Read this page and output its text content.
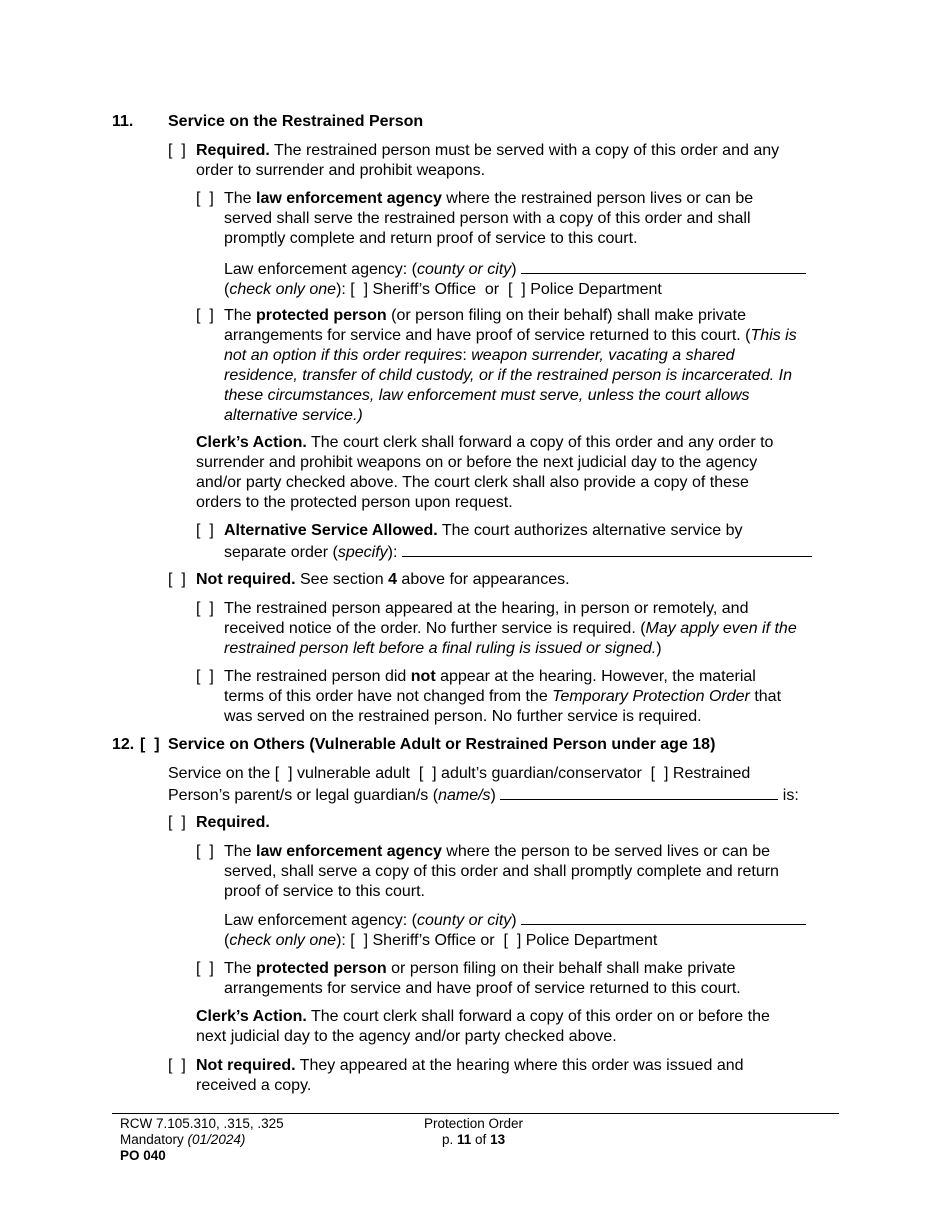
11. Service on the Restrained Person
[  ] Required. The restrained person must be served with a copy of this order and any
order to surrender and prohibit weapons.
[  ] The law enforcement agency where the restrained person lives or can be
served shall serve the restrained person with a copy of this order and shall
promptly complete and return proof of service to this court.
Law enforcement agency: (county or city)
(check only one): [  ] Sheriff’s Office  or  [  ] Police Department
[  ] The protected person (or person filing on their behalf) shall make private
arrangements for service and have proof of service returned to this court. (This is
not an option if this order requires: weapon surrender, vacating a shared
residence, transfer of child custody, or if the restrained person is incarcerated. In
these circumstances, law enforcement must serve, unless the court allows
alternative service.)
Clerk’s Action. The court clerk shall forward a copy of this order and any order to
surrender and prohibit weapons on or before the next judicial day to the agency
and/or party checked above. The court clerk shall also provide a copy of these
orders to the protected person upon request.
[  ] Alternative Service Allowed. The court authorizes alternative service by
separate order (specify):
[  ] Not required. See section 4 above for appearances.
[  ] The restrained person appeared at the hearing, in person or remotely, and
received notice of the order. No further service is required. (May apply even if the
restrained person left before a final ruling is issued or signed.)
[  ] The restrained person did not appear at the hearing. However, the material
terms of this order have not changed from the Temporary Protection Order that
was served on the restrained person. No further service is required.
12. [  ] Service on Others (Vulnerable Adult or Restrained Person under age 18)
Service on the [  ] vulnerable adult  [  ] adult’s guardian/conservator  [  ] Restrained
Person’s parent/s or legal guardian/s (name/s)	is:
[  ] Required.
[  ] The law enforcement agency where the person to be served lives or can be
served, shall serve a copy of this order and shall promptly complete and return
proof of service to this court.
Law enforcement agency: (county or city)
(check only one): [  ] Sheriff’s Office or  [  ] Police Department
[  ] The protected person or person filing on their behalf shall make private
arrangements for service and have proof of service returned to this court.
Clerk’s Action. The court clerk shall forward a copy of this order on or before the
next judicial day to the agency and/or party checked above.
[  ] Not required. They appeared at the hearing where this order was issued and
received a copy.
RCW 7.105.310, .315, .325
Mandatory (01/2024)
PO 040
Protection Order
p. 11 of 13
